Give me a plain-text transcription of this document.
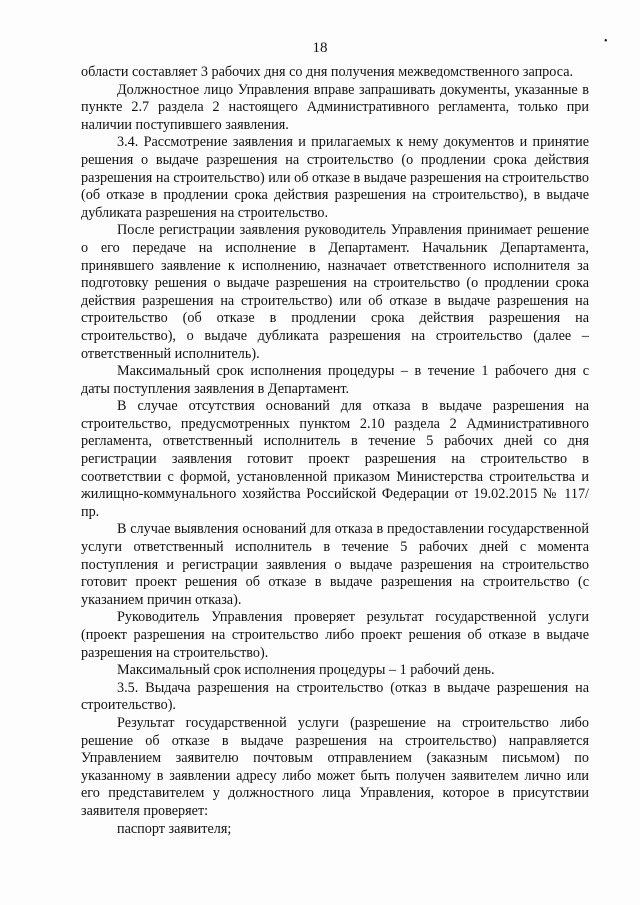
18	•

области составляет 3 рабочих дня со дня получения межведомственного запроса.

Должностное лицо Управления вправе запрашивать документы, указанные в пункте 2.7 раздела 2 настоящего Административного регламента, только при наличии поступившего заявления.

3.4. Рассмотрение заявления и прилагаемых к нему документов и принятие решения о выдаче разрешения на строительство (о продлении срока действия разрешения на строительство) или об отказе в выдаче разрешения на строительство (об отказе в продлении срока действия разрешения на строительство), в выдаче дубликата разрешения на строительство.

После регистрации заявления руководитель Управления принимает решение о его передаче на исполнение в Департамент. Начальник Департамента, принявшего заявление к исполнению, назначает ответственного исполнителя за подготовку решения о выдаче разрешения на строительство (о продлении срока действия разрешения на строительство) или об отказе в выдаче разрешения на строительство (об отказе в продлении срока действия разрешения на строительство), о выдаче дубликата разрешения на строительство (далее – ответственный исполнитель).

Максимальный срок исполнения процедуры – в течение 1 рабочего дня с даты поступления заявления в Департамент.

В случае отсутствия оснований для отказа в выдаче разрешения на строительство, предусмотренных пунктом 2.10 раздела 2 Административного регламента, ответственный исполнитель в течение 5 рабочих дней со дня регистрации заявления готовит проект разрешения на строительство в соответствии с формой, установленной приказом Министерства строительства и жилищно-коммунального хозяйства Российской Федерации от 19.02.2015 № 117/пр.

В случае выявления оснований для отказа в предоставлении государственной услуги ответственный исполнитель в течение 5 рабочих дней с момента поступления и регистрации заявления о выдаче разрешения на строительство готовит проект решения об отказе в выдаче разрешения на строительство (с указанием причин отказа).

Руководитель Управления проверяет результат государственной услуги (проект разрешения на строительство либо проект решения об отказе в выдаче разрешения на строительство).

Максимальный срок исполнения процедуры – 1 рабочий день.

3.5. Выдача разрешения на строительство (отказ в выдаче разрешения на строительство).

Результат государственной услуги (разрешение на строительство либо решение об отказе в выдаче разрешения на строительство) направляется Управлением заявителю почтовым отправлением (заказным письмом) по указанному в заявлении адресу либо может быть получен заявителем лично или его представителем у должностного лица Управления, которое в присутствии заявителя проверяет:

паспорт заявителя;
